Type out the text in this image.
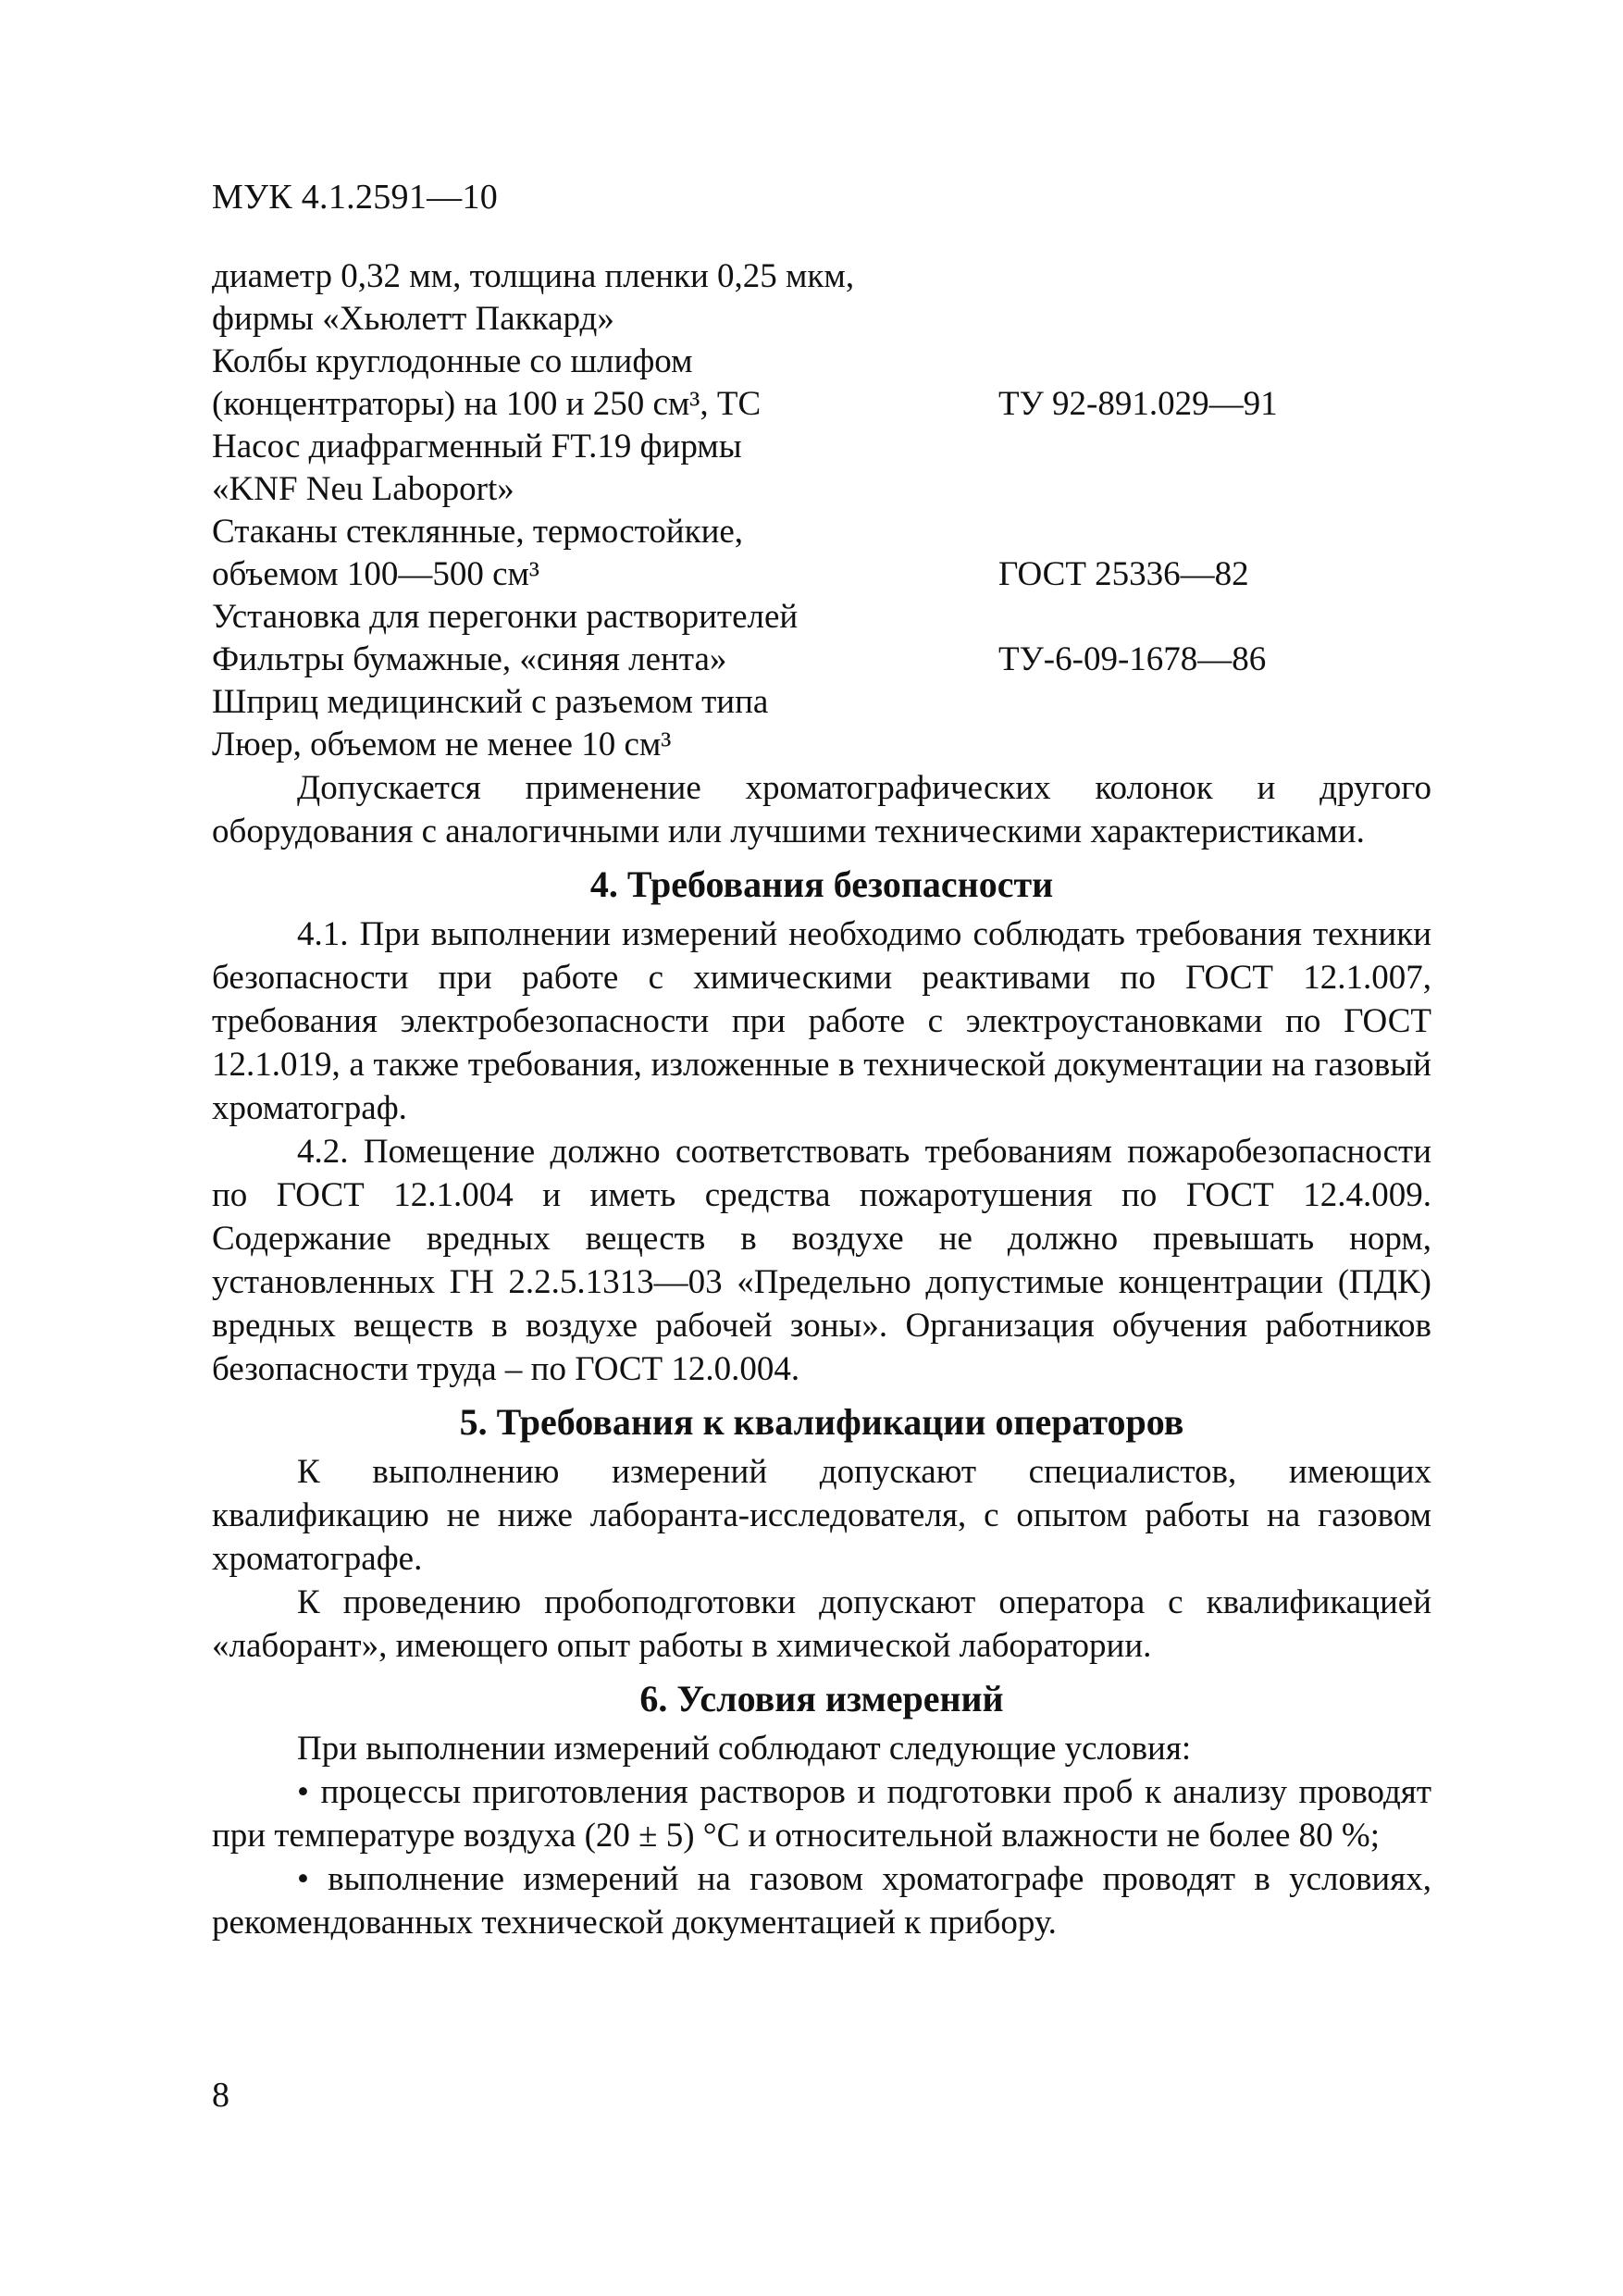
МУК 4.1.2591—10
диаметр 0,32 мм, толщина пленки 0,25 мкм,
фирмы «Хьюлетт Паккард»
Колбы круглодонные со шлифом
(концентраторы) на 100 и 250 см³, ТС	ТУ 92-891.029—91
Насос диафрагменный FT.19 фирмы
«KNF Neu Laboport»
Стаканы стеклянные, термостойкие,
объемом 100—500 см³	ГОСТ 25336—82
Установка для перегонки растворителей
Фильтры бумажные, «синяя лента»	ТУ-6-09-1678—86
Шприц медицинский с разъемом типа
Люер, объемом не менее 10 см³

Допускается применение хроматографических колонок и другого оборудования с аналогичными или лучшими техническими характеристиками.

4. Требования безопасности

4.1. При выполнении измерений необходимо соблюдать требования техники безопасности при работе с химическими реактивами по ГОСТ 12.1.007, требования электробезопасности при работе с электроустановками по ГОСТ 12.1.019, а также требования, изложенные в технической документации на газовый хроматограф.

4.2. Помещение должно соответствовать требованиям пожаробезопасности по ГОСТ 12.1.004 и иметь средства пожаротушения по ГОСТ 12.4.009. Содержание вредных веществ в воздухе не должно превышать норм, установленных ГН 2.2.5.1313—03 «Предельно допустимые концентрации (ПДК) вредных веществ в воздухе рабочей зоны». Организация обучения работников безопасности труда – по ГОСТ 12.0.004.

5. Требования к квалификации операторов

К выполнению измерений допускают специалистов, имеющих квалификацию не ниже лаборанта-исследователя, с опытом работы на газовом хроматографе.

К проведению пробоподготовки допускают оператора с квалификацией «лаборант», имеющего опыт работы в химической лаборатории.

6. Условия измерений

При выполнении измерений соблюдают следующие условия:

• процессы приготовления растворов и подготовки проб к анализу проводят при температуре воздуха (20 ± 5) °С и относительной влажности не более 80 %;

• выполнение измерений на газовом хроматографе проводят в условиях, рекомендованных технической документацией к прибору.

8
